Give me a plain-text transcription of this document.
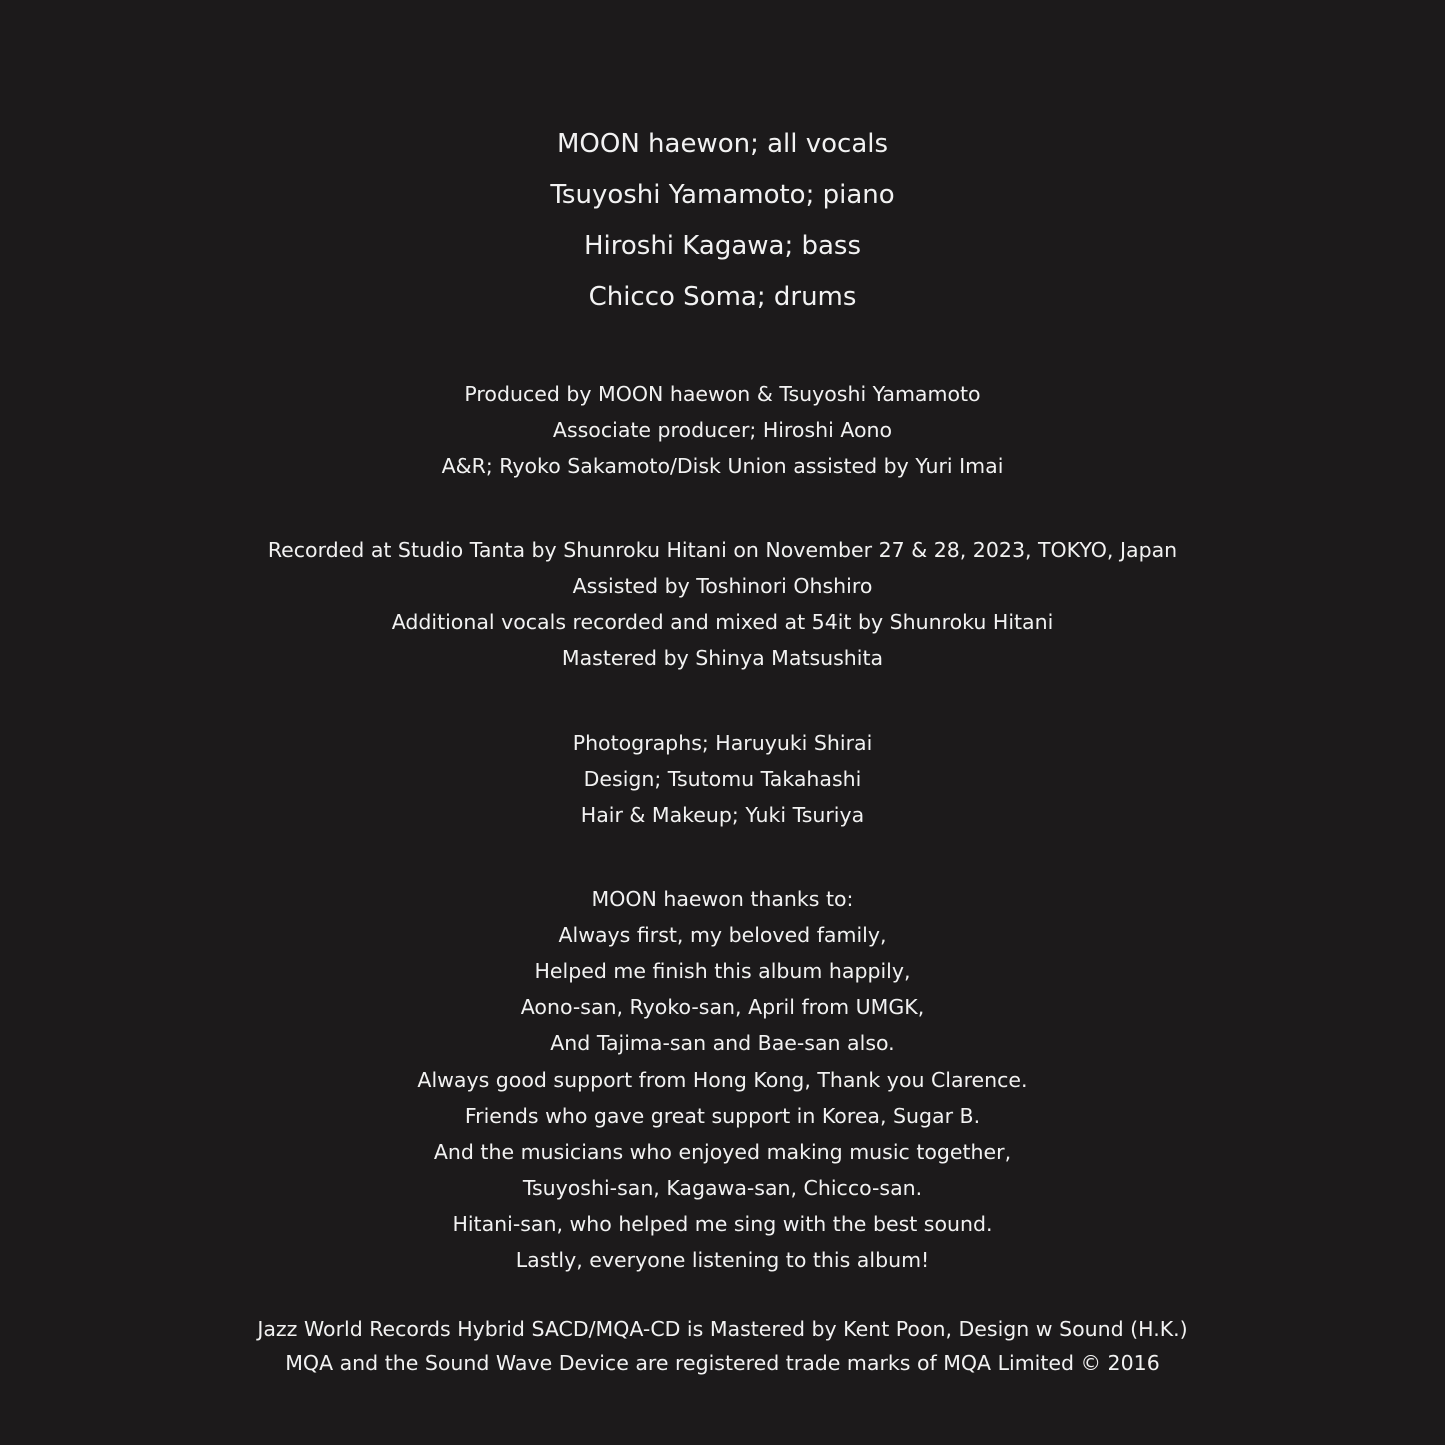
MOON haewon; all vocals
Tsuyoshi Yamamoto; piano
Hiroshi Kagawa; bass
Chicco Soma; drums
Produced by MOON haewon & Tsuyoshi Yamamoto
Associate producer; Hiroshi Aono
A&R; Ryoko Sakamoto/Disk Union assisted by Yuri Imai
Recorded at Studio Tanta by Shunroku Hitani on November 27 & 28, 2023, TOKYO, Japan
Assisted by Toshinori Ohshiro
Additional vocals recorded and mixed at 54it by Shunroku Hitani
Mastered by Shinya Matsushita
Photographs; Haruyuki Shirai
Design; Tsutomu Takahashi
Hair & Makeup; Yuki Tsuriya
MOON haewon thanks to:
Always first, my beloved family,
Helped me finish this album happily,
Aono-san, Ryoko-san, April from UMGK,
And Tajima-san and Bae-san also.
Always good support from Hong Kong, Thank you Clarence.
Friends who gave great support in Korea, Sugar B.
And the musicians who enjoyed making music together,
Tsuyoshi-san, Kagawa-san, Chicco-san.
Hitani-san, who helped me sing with the best sound.
Lastly, everyone listening to this album!
Jazz World Records Hybrid SACD/MQA-CD is Mastered by Kent Poon, Design w Sound (H.K.)
MQA and the Sound Wave Device are registered trade marks of MQA Limited © 2016
